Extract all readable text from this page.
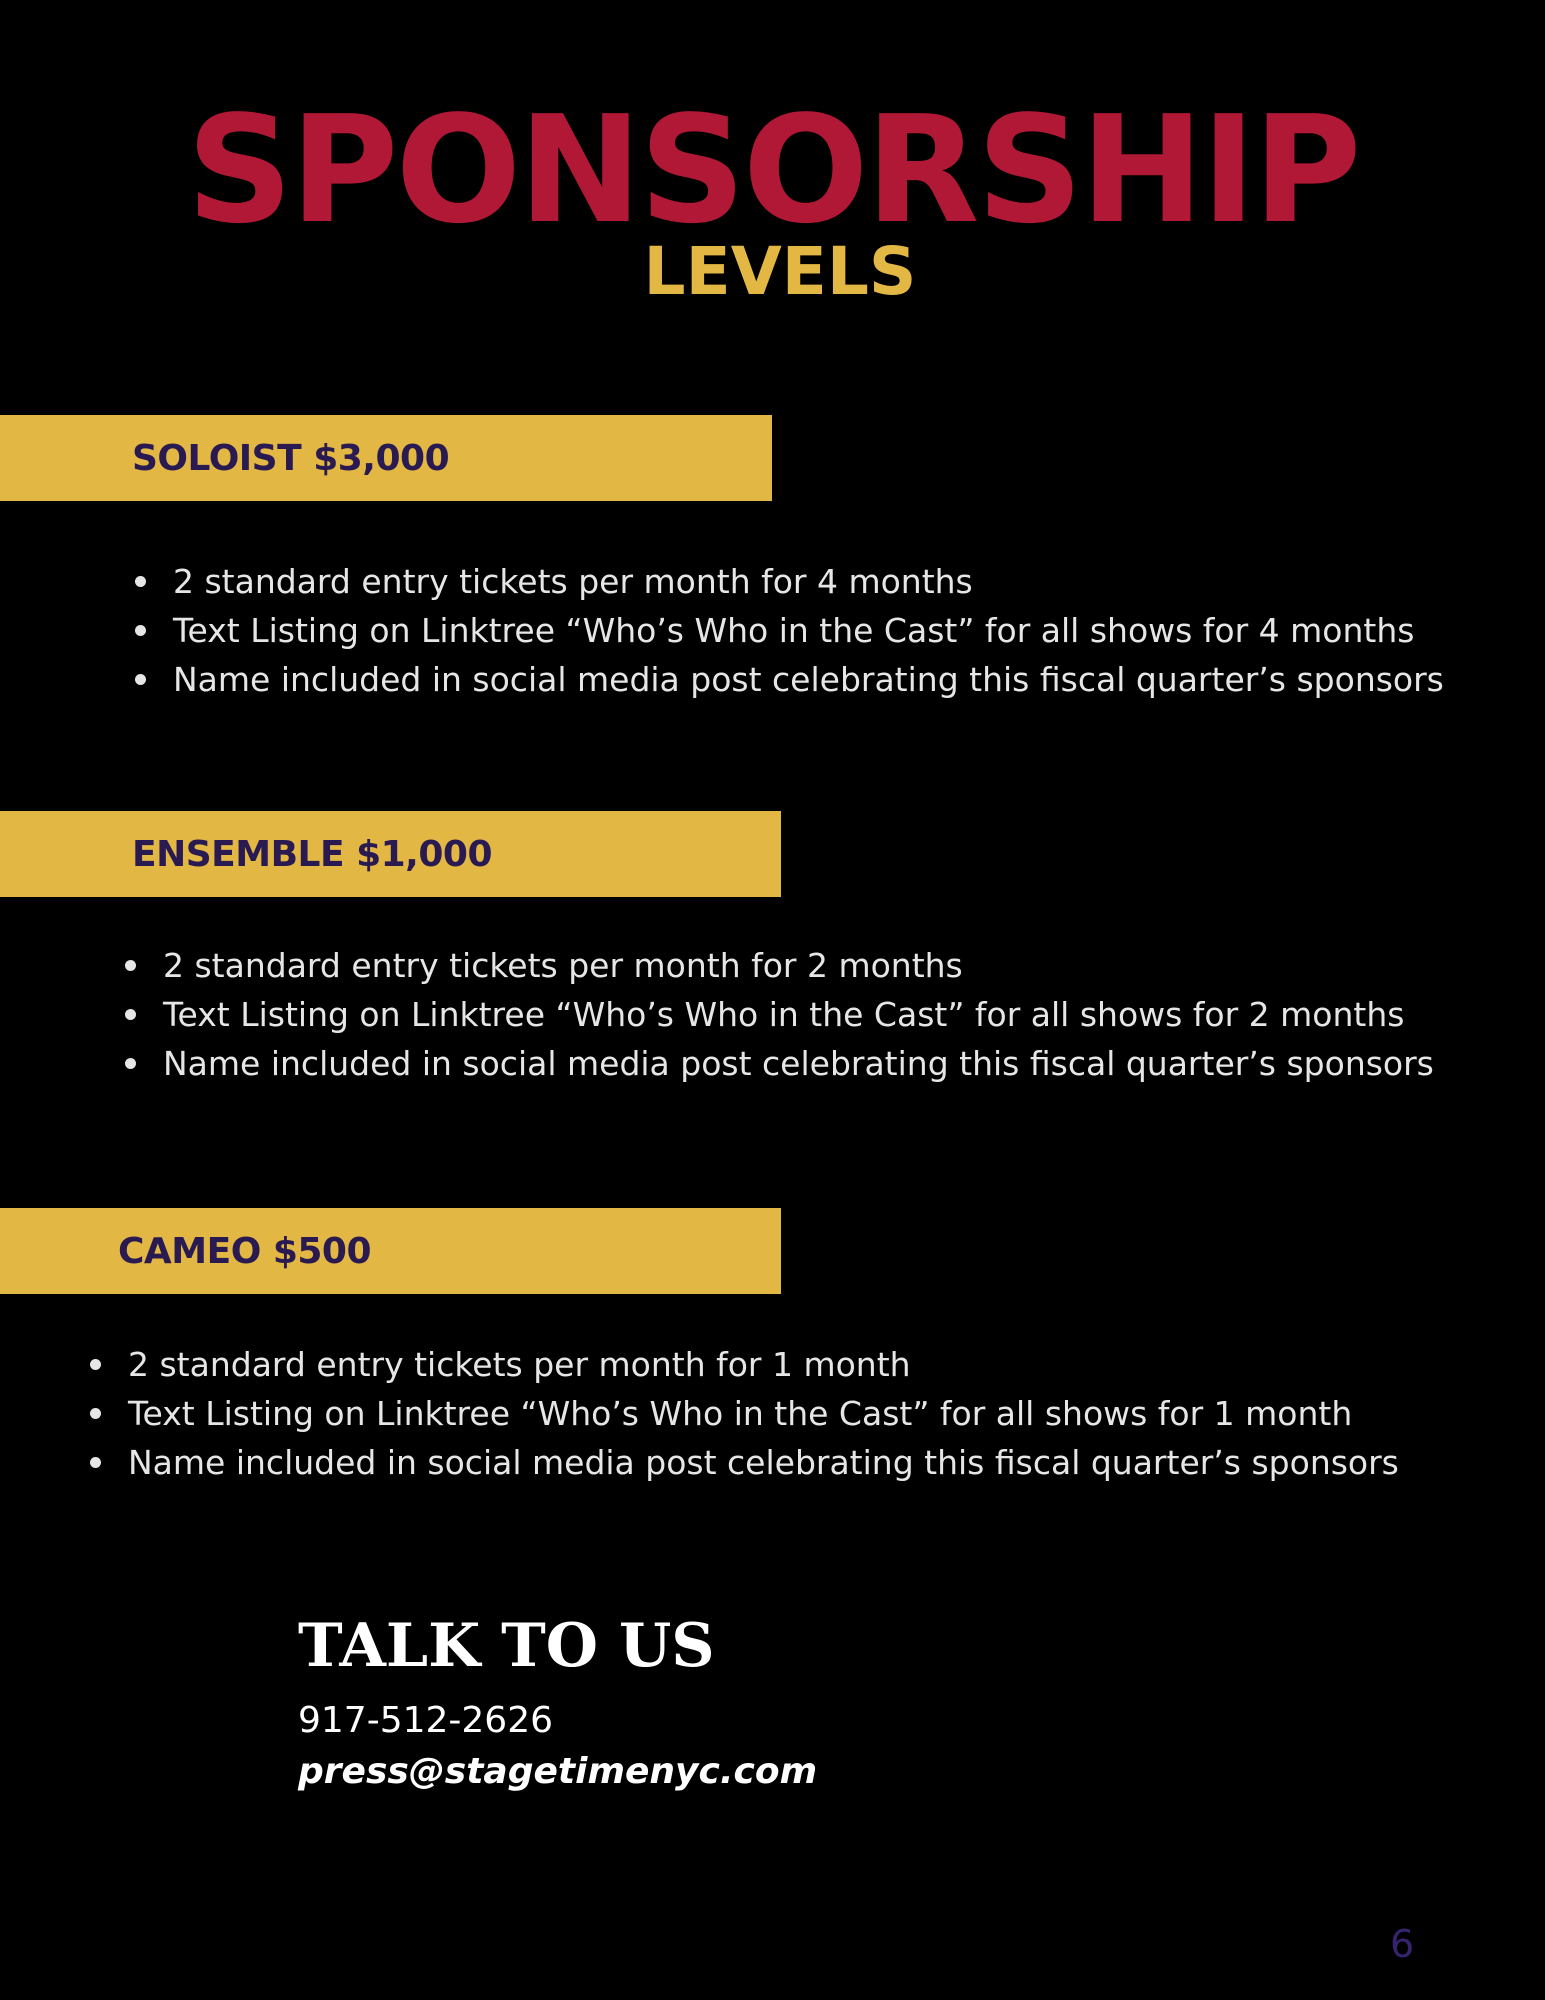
SPONSORSHIP
LEVELS
SOLOIST $3,000
2 standard entry tickets per month for 4 months
Text Listing on Linktree “Who’s Who in the Cast” for all shows for 4 months
Name included in social media post celebrating this fiscal quarter’s sponsors
ENSEMBLE $1,000
2 standard entry tickets per month for 2 months
Text Listing on Linktree “Who’s Who in the Cast” for all shows for 2 months
Name included in social media post celebrating this fiscal quarter’s sponsors
CAMEO $500
2 standard entry tickets per month for 1 month
Text Listing on Linktree “Who’s Who in the Cast” for all shows for 1 month
Name included in social media post celebrating this fiscal quarter’s sponsors
TALK TO US
917-512-2626
press@stagetimenyc.com
6
